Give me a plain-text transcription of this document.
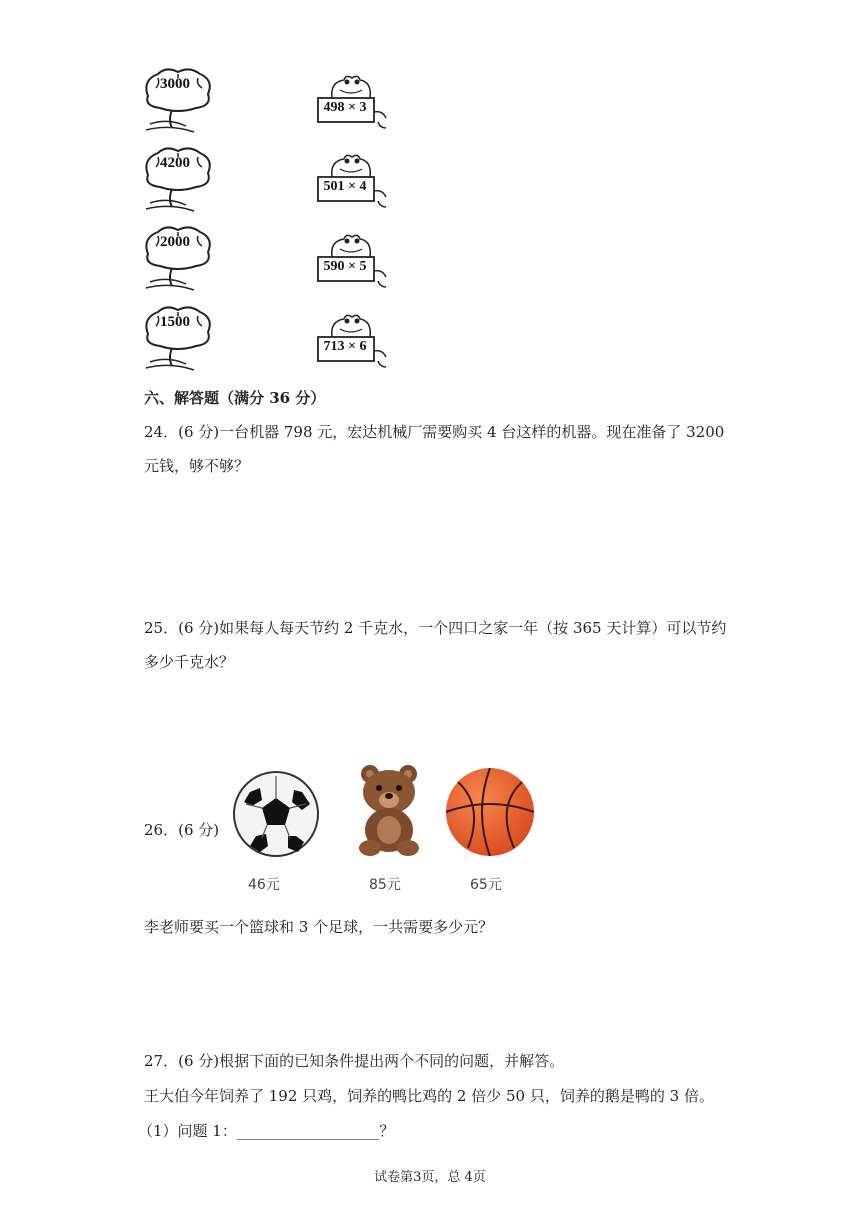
3000
4200
2000
1500
498 × 3
501 × 4
590 × 5
713 × 6
六、解答题（满分 36 分）
24．(6 分)一台机器 798 元，宏达机械厂需要购买 4 台这样的机器。现在准备了 3200
元钱，够不够？
25．(6 分)如果每人每天节约 2 千克水，一个四口之家一年（按 365 天计算）可以节约
多少千克水？
26．(6 分)
46元	85元	65元
李老师要买一个篮球和 3 个足球，一共需要多少元？
27．(6 分)根据下面的已知条件提出两个不同的问题，并解答。
王大伯今年饲养了 192 只鸡，饲养的鸭比鸡的 2 倍少 50 只，饲养的鹅是鸭的 3 倍。
（1）问题 1：___________________？
试卷第3页，总 4页
